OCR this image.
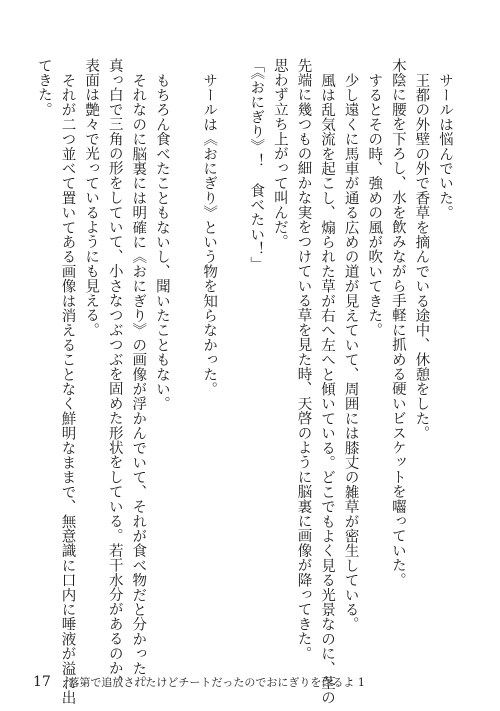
サールは悩んでいた。
王都の外壁の外で香草を摘んでいる途中、休憩をした。
木陰に腰を下ろし、水を飲みながら手軽に抓める硬いビスケットを囓っていた。
するとその時、強めの風が吹いてきた。
少し遠くに馬車が通る広めの道が見えていて、周囲には膝丈の雑草が密生している。
風は乱気流を起こし、煽られた草が右へ左へと傾いている。どこでもよく見る光景なのに、茎の
先端に幾つもの細かな実をつけている草を見た時、天啓のように脳裏に画像が降ってきた。
思わず立ち上がって叫んだ。
「《おにぎり》！　食べたい！」
サールは《おにぎり》という物を知らなかった。
もちろん食べたこともないし、聞いたこともない。
それなのに脳裏には明確に《おにぎり》の画像が浮かんでいて、それが食べ物だと分かった。
真っ白で三角の形をしていて、小さなつぶつぶを固めた形状をしている。若干水分があるのか、
表面は艶々で光っているようにも見える。
それが二つ並べて置いてある画像は消えることなく鮮明なままで、無意識に口内に唾液が溢れ出
てきた。
17 落第で追放されたけどチートだったのでおにぎりを作るよ 1
